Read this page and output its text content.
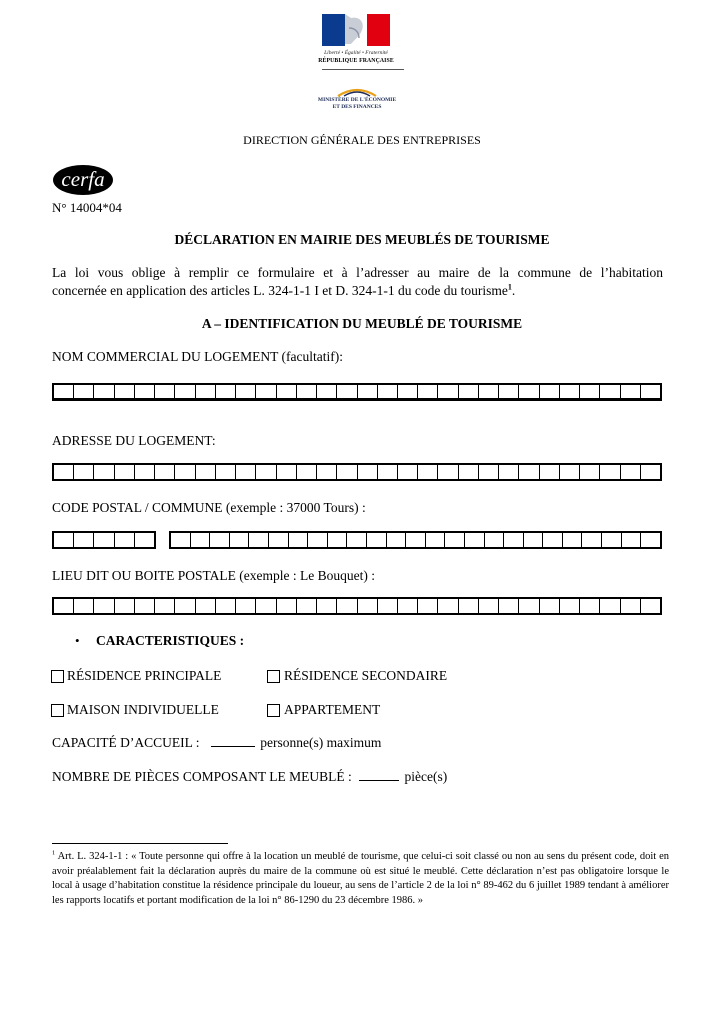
Liberté • Égalité • Fraternité
RÉPUBLIQUE FRANÇAISE
MINISTÈRE DE L'ÉCONOMIE
ET DES FINANCES
DIRECTION GÉNÉRALE DES ENTREPRISES
cerfa
N° 14004*04
DÉCLARATION EN MAIRIE DES MEUBLÉS DE TOURISME
La loi vous oblige à remplir ce formulaire et à l’adresser au maire de la commune de l’habitation
concernée en application des articles L. 324-1-1 I et D. 324-1-1 du code du tourisme$^1$.
A – IDENTIFICATION DU MEUBLÉ DE TOURISME
NOM COMMERCIAL DU LOGEMENT (facultatif):
ADRESSE DU LOGEMENT:
CODE POSTAL / COMMUNE (exemple : 37000 Tours) :
LIEU DIT OU BOITE POSTALE (exemple : Le Bouquet) :
• CARACTERISTIQUES :
RÉSIDENCE PRINCIPALE	RÉSIDENCE SECONDAIRE
MAISON INDIVIDUELLE	APPARTEMENT
CAPACITÉ D’ACCUEIL :	personne(s) maximum
NOMBRE DE PIÈCES COMPOSANT LE MEUBLÉ :	pièce(s)
$^1$ Art. L. 324-1-1 : « Toute personne qui offre à la location un meublé de tourisme, que celui-ci soit classé ou non au sens du présent code, doit en avoir préalablement fait la déclaration auprès du maire de la commune où est situé le meublé. Cette déclaration n’est pas obligatoire lorsque le local à usage d’habitation constitue la résidence principale du loueur, au sens de l’article 2 de la loi n° 89-462 du 6 juillet 1989 tendant à améliorer les rapports locatifs et portant modification de la loi n° 86-1290 du 23 décembre 1986. »
